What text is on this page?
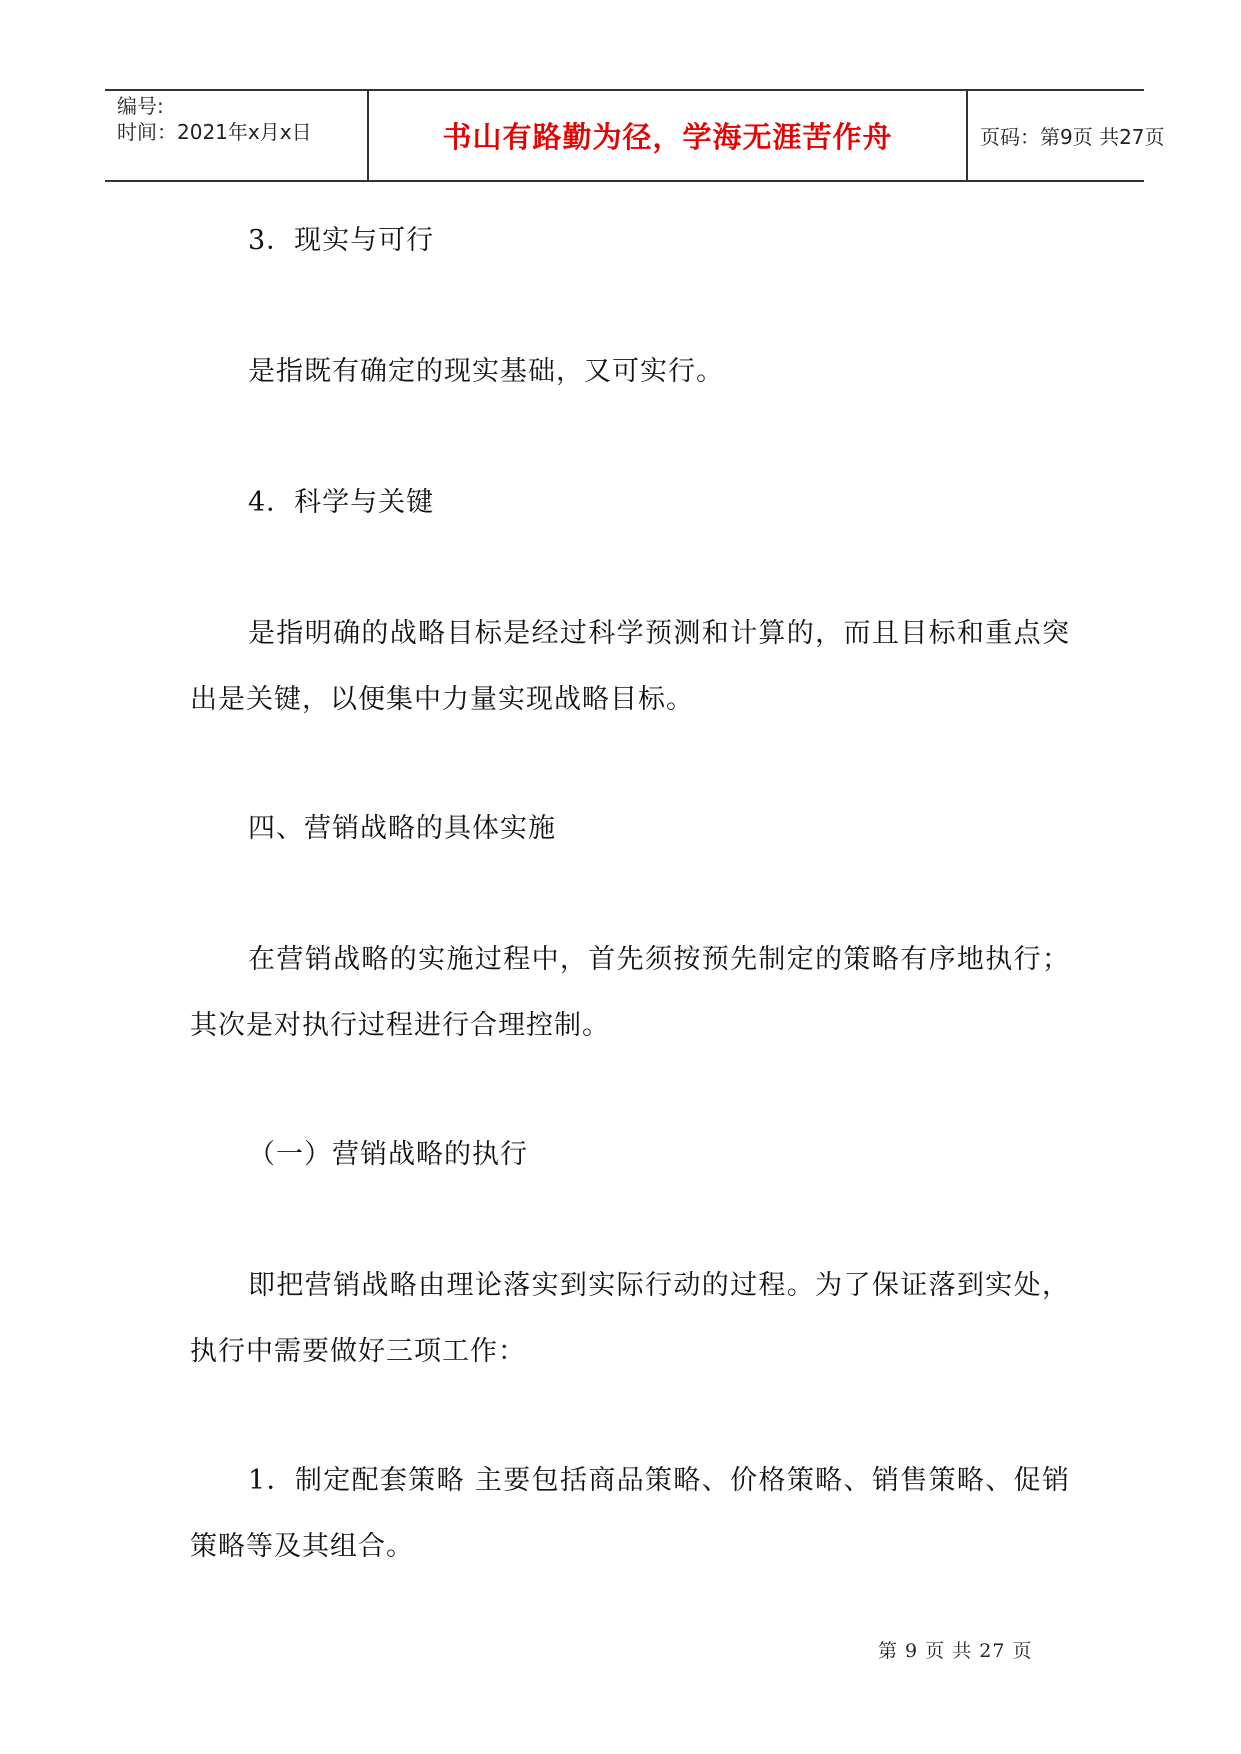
编号:
时间：2021年x月x日	书山有路勤为径，学海无涯苦作舟	页码：第9页 共27页

3．现实与可行

是指既有确定的现实基础，又可实行。

4．科学与关键

是指明确的战略目标是经过科学预测和计算的，而且目标和重点突出是关键，以便集中力量实现战略目标。

四、营销战略的具体实施

在营销战略的实施过程中，首先须按预先制定的策略有序地执行；其次是对执行过程进行合理控制。

（一）营销战略的执行

即把营销战略由理论落实到实际行动的过程。为了保证落到实处，执行中需要做好三项工作：

1．制定配套策略 主要包括商品策略、价格策略、销售策略、促销策略等及其组合。

第 9 页 共 27 页
